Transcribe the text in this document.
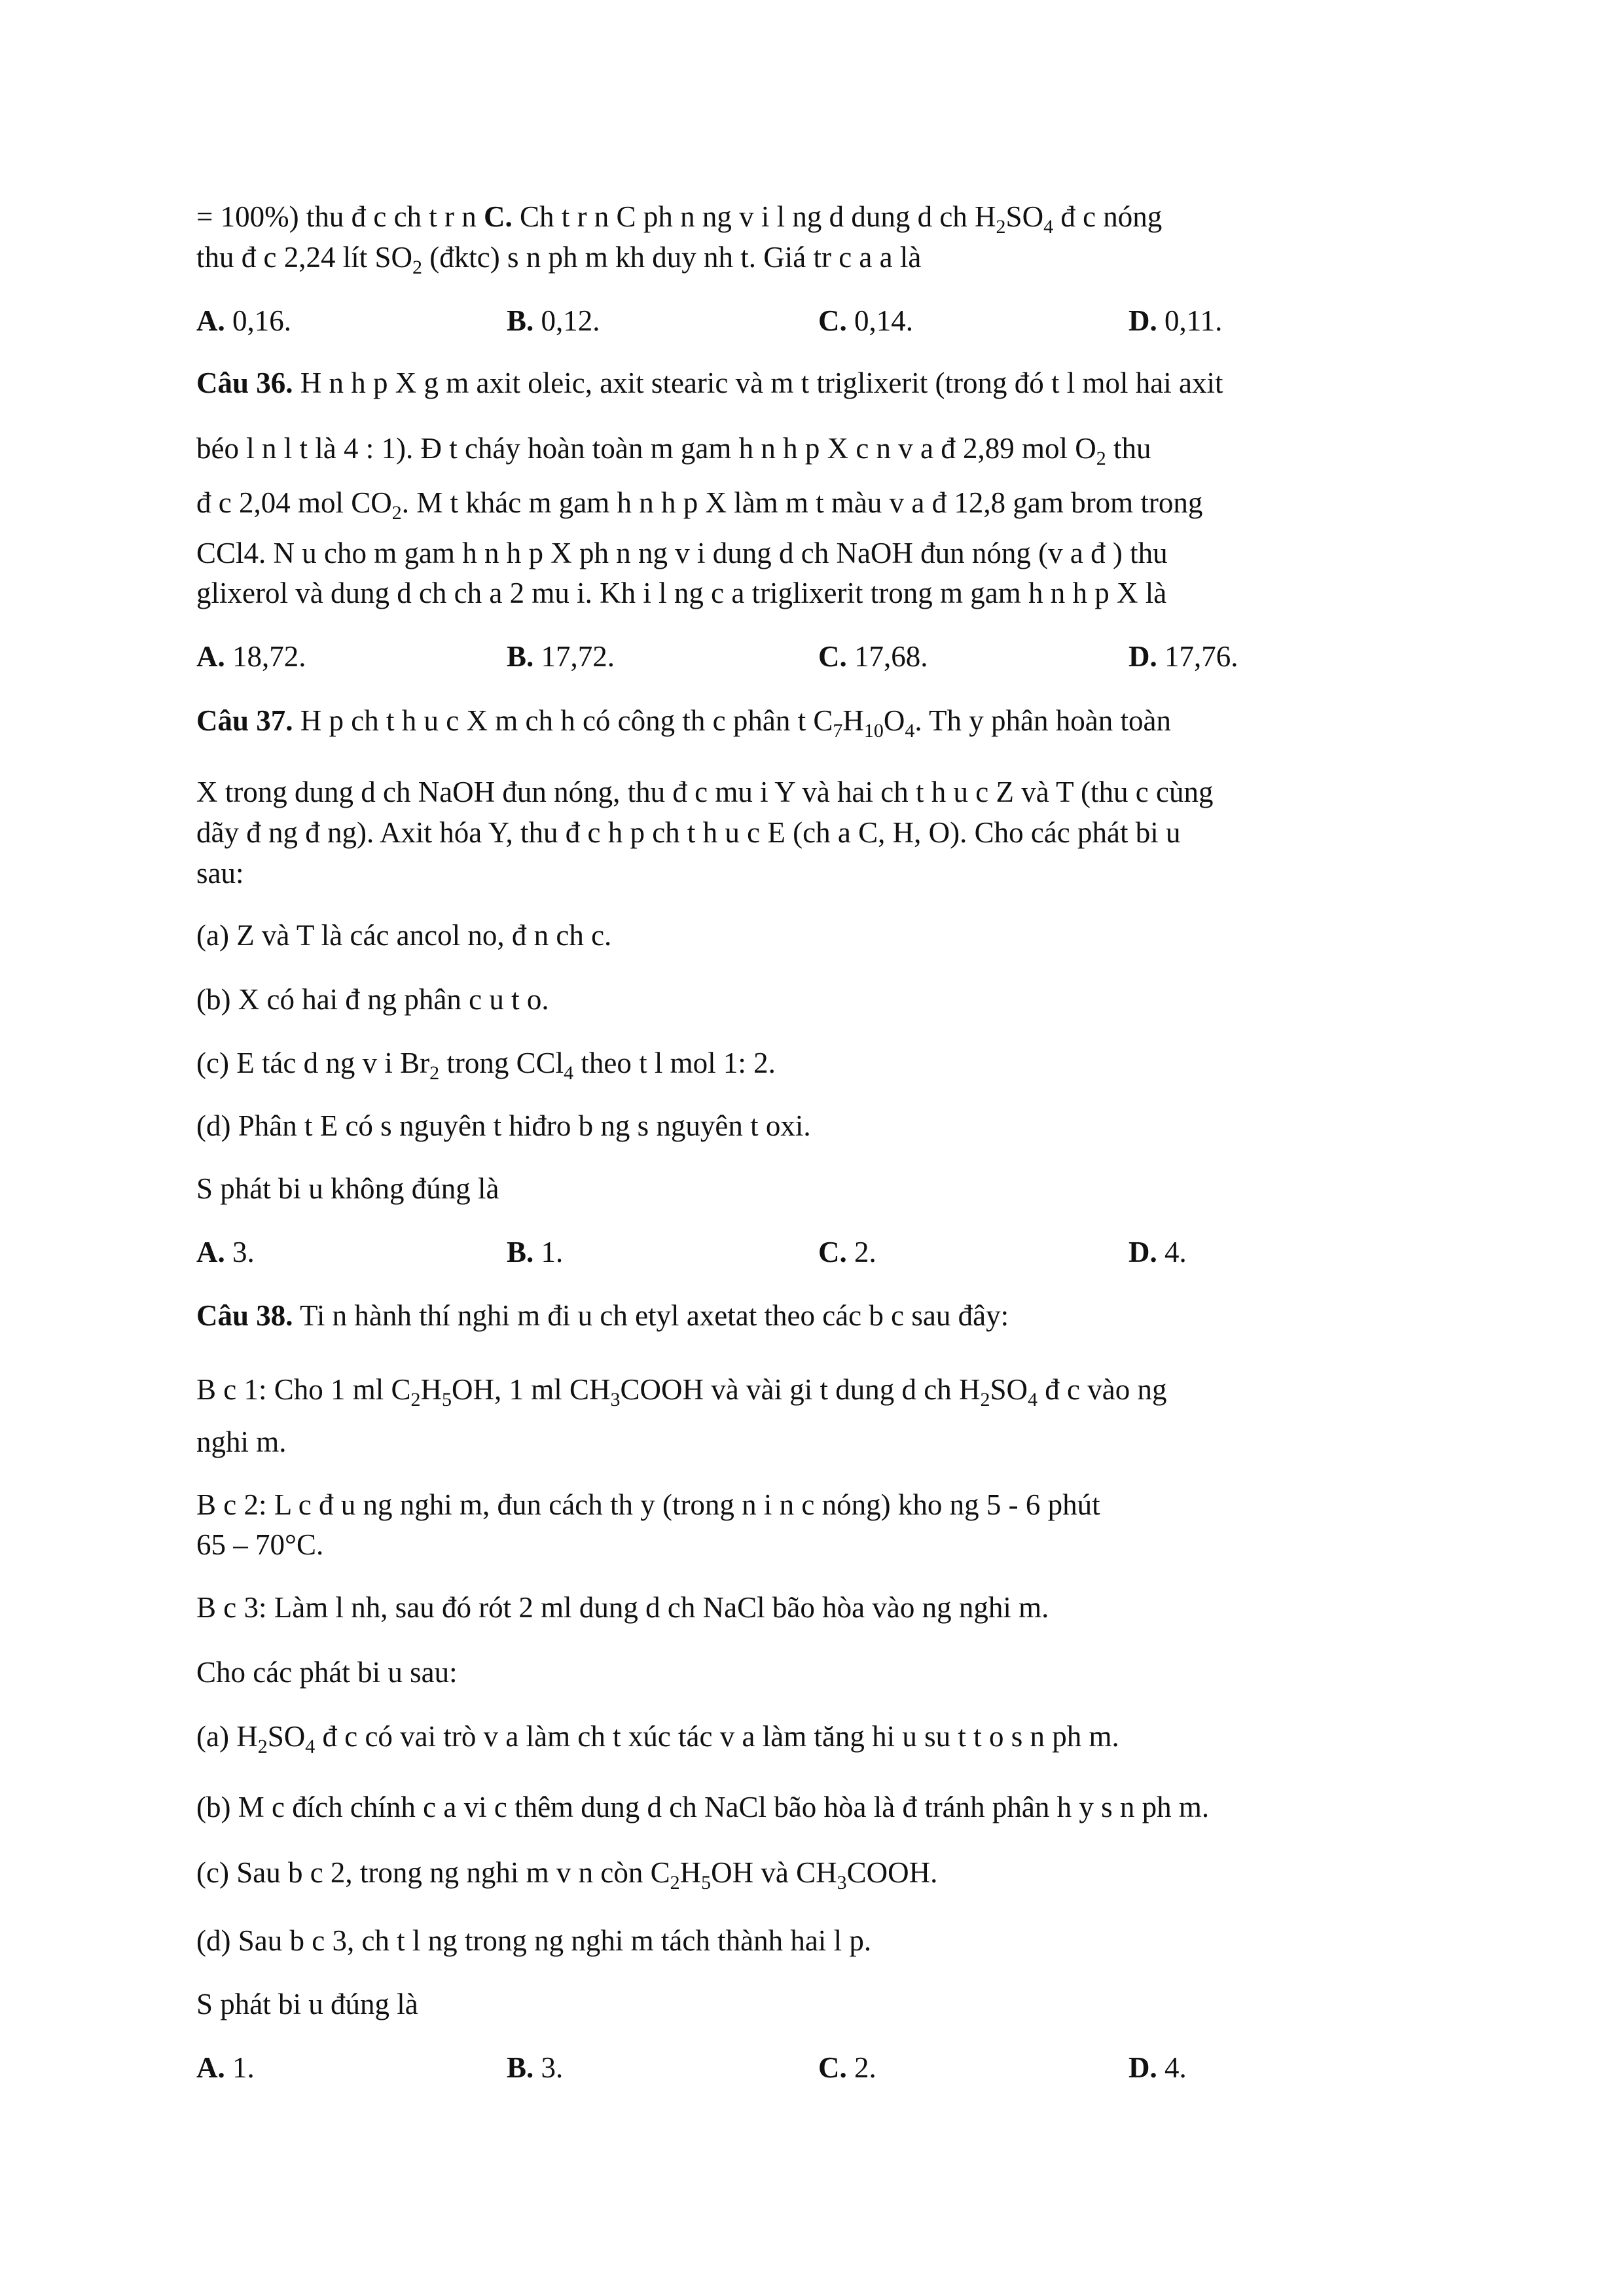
= 100%) thu đ c ch t r n C. Ch t r n C ph n ng v i l ng d dung d ch $H_2SO_4$ đ c nóng
thu đ c 2,24 lít $SO_2$ (đktc) s n ph m kh duy nh t. Giá tr c a a là
A. 0,16.	B. 0,12.	C. 0,14.	D. 0,11.
Câu 36. H n h p X g m axit oleic, axit stearic và m t triglixerit (trong đó t l mol hai axit
béo l n l t là 4 : 1). Đ t cháy hoàn toàn m gam h n h p X c n v a đ 2,89 mol $O_2$ thu
đ c 2,04 mol $CO_2$. M t khác m gam h n h p X làm m t màu v a đ 12,8 gam brom trong
CCl4. N u cho m gam h n h p X ph n ng v i dung d ch NaOH đun nóng (v a đ ) thu
glixerol và dung d ch ch a 2 mu i. Kh i l ng c a triglixerit trong m gam h n h p X là
A. 18,72.	B. 17,72.	C. 17,68.	D. 17,76.
Câu 37. H p ch t h u c X m ch h có công th c phân t $C_7H_{10}O_4$. Th y phân hoàn toàn
X trong dung d ch NaOH đun nóng, thu đ c mu i Y và hai ch t h u c Z và T (thu c cùng
dãy đ ng đ ng). Axit hóa Y, thu đ c h p ch t h u c E (ch a C, H, O). Cho các phát bi u
sau:
(a) Z và T là các ancol no, đ n ch c.
(b) X có hai đ ng phân c u t o.
(c) E tác d ng v i $Br_2$ trong CCl$_4$ theo t l mol 1: 2.
(d) Phân t E có s nguyên t hiđro b ng s nguyên t oxi.
S phát bi u không đúng là
A. 3.	B. 1.	C. 2.	D. 4.
Câu 38. Ti n hành thí nghi m đi u ch etyl axetat theo các b c sau đây:
B c 1: Cho 1 ml $C_2H_5OH$, 1 ml $CH_3COOH$ và vài gi t dung d ch $H_2SO_4$ đ c vào ng
nghi m.
B c 2: L c đ u ng nghi m, đun cách th y (trong n i n c nóng) kho ng 5 - 6 phút
65 – 70°C.
B c 3: Làm l nh, sau đó rót 2 ml dung d ch NaCl bão hòa vào ng nghi m.
Cho các phát bi u sau:
(a) $H_2SO_4$ đ c có vai trò v a làm ch t xúc tác v a làm tăng hi u su t t o s n ph m.
(b) M c đích chính c a vi c thêm dung d ch NaCl bão hòa là đ tránh phân h y s n ph m.
(c) Sau b c 2, trong ng nghi m v n còn $C_2H_5OH$ và $CH_3COOH$.
(d) Sau b c 3, ch t l ng trong ng nghi m tách thành hai l p.
S phát bi u đúng là
A. 1.	B. 3.	C. 2.	D. 4.
